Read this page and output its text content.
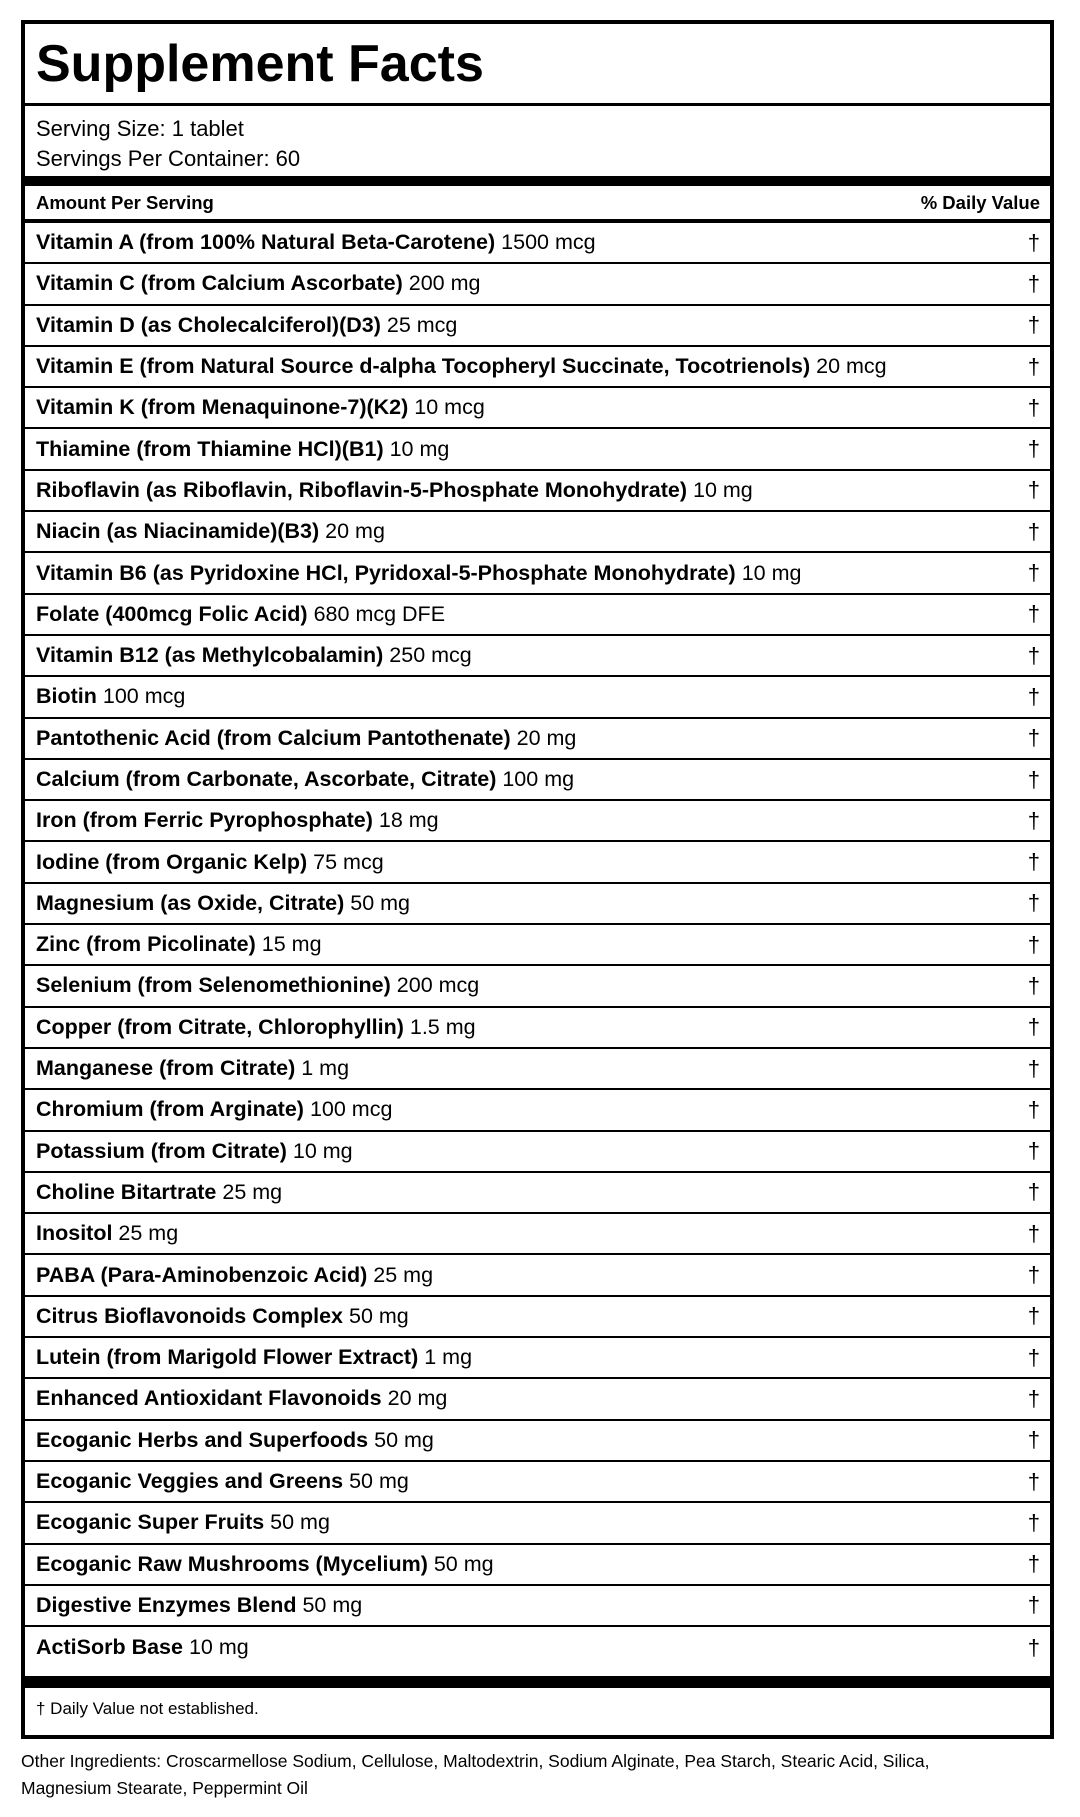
Supplement Facts
Serving Size: 1 tablet
Servings Per Container: 60
Amount Per Serving	% Daily Value
Vitamin A (from 100% Natural Beta-Carotene) 1500 mcg	†
Vitamin C (from Calcium Ascorbate) 200 mg	†
Vitamin D (as Cholecalciferol)(D3) 25 mcg	†
Vitamin E (from Natural Source d-alpha Tocopheryl Succinate, Tocotrienols) 20 mcg	†
Vitamin K (from Menaquinone-7)(K2) 10 mcg	†
Thiamine (from Thiamine HCl)(B1) 10 mg	†
Riboflavin (as Riboflavin, Riboflavin-5-Phosphate Monohydrate) 10 mg	†
Niacin (as Niacinamide)(B3) 20 mg	†
Vitamin B6 (as Pyridoxine HCl, Pyridoxal-5-Phosphate Monohydrate) 10 mg	†
Folate (400mcg Folic Acid) 680 mcg DFE	†
Vitamin B12 (as Methylcobalamin) 250 mcg	†
Biotin 100 mcg	†
Pantothenic Acid (from Calcium Pantothenate) 20 mg	†
Calcium (from Carbonate, Ascorbate, Citrate) 100 mg	†
Iron (from Ferric Pyrophosphate) 18 mg	†
Iodine (from Organic Kelp) 75 mcg	†
Magnesium (as Oxide, Citrate) 50 mg	†
Zinc (from Picolinate) 15 mg	†
Selenium (from Selenomethionine) 200 mcg	†
Copper (from Citrate, Chlorophyllin) 1.5 mg	†
Manganese (from Citrate) 1 mg	†
Chromium (from Arginate) 100 mcg	†
Potassium (from Citrate) 10 mg	†
Choline Bitartrate 25 mg	†
Inositol 25 mg	†
PABA (Para-Aminobenzoic Acid) 25 mg	†
Citrus Bioflavonoids Complex 50 mg	†
Lutein (from Marigold Flower Extract) 1 mg	†
Enhanced Antioxidant Flavonoids 20 mg	†
Ecoganic Herbs and Superfoods 50 mg	†
Ecoganic Veggies and Greens 50 mg	†
Ecoganic Super Fruits 50 mg	†
Ecoganic Raw Mushrooms (Mycelium) 50 mg	†
Digestive Enzymes Blend 50 mg	†
ActiSorb Base 10 mg	†
† Daily Value not established.
Other Ingredients: Croscarmellose Sodium, Cellulose, Maltodextrin, Sodium Alginate, Pea Starch, Stearic Acid, Silica,
Magnesium Stearate, Peppermint Oil
